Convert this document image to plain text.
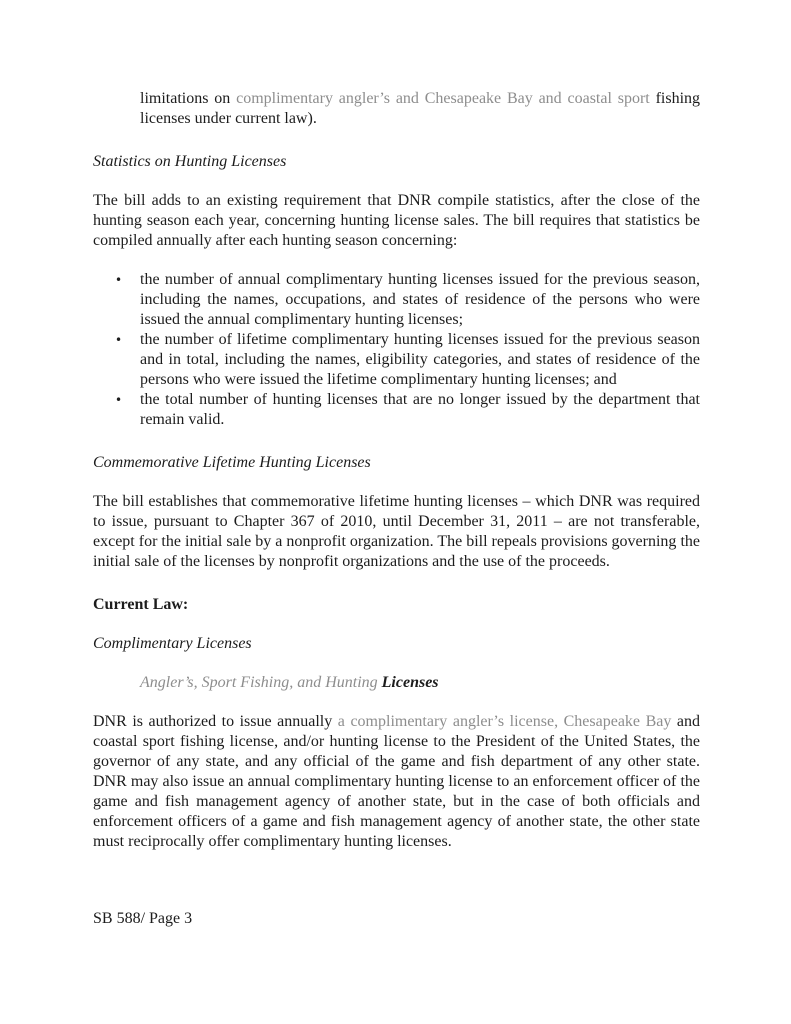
limitations on complimentary angler’s and Chesapeake Bay and coastal sport fishing licenses under current law).

Statistics on Hunting Licenses

The bill adds to an existing requirement that DNR compile statistics, after the close of the hunting season each year, concerning hunting license sales. The bill requires that statistics be compiled annually after each hunting season concerning:

•	the number of annual complimentary hunting licenses issued for the previous season, including the names, occupations, and states of residence of the persons who were issued the annual complimentary hunting licenses;
•	the number of lifetime complimentary hunting licenses issued for the previous season and in total, including the names, eligibility categories, and states of residence of the persons who were issued the lifetime complimentary hunting licenses; and
•	the total number of hunting licenses that are no longer issued by the department that remain valid.
Commemorative Lifetime Hunting Licenses

The bill establishes that commemorative lifetime hunting licenses – which DNR was required to issue, pursuant to Chapter 367 of 2010, until December 31, 2011 – are not transferable, except for the initial sale by a nonprofit organization. The bill repeals provisions governing the initial sale of the licenses by nonprofit organizations and the use of the proceeds.

Current Law:
Complimentary Licenses
Angler’s, Sport Fishing, and Hunting Licenses

DNR is authorized to issue annually a complimentary angler’s license, Chesapeake Bay and coastal sport fishing license, and/or hunting license to the President of the United States, the governor of any state, and any official of the game and fish department of any other state. DNR may also issue an annual complimentary hunting license to an enforcement officer of the game and fish management agency of another state, but in the case of both officials and enforcement officers of a game and fish management agency of another state, the other state must reciprocally offer complimentary hunting licenses.

SB 588/ Page 3
